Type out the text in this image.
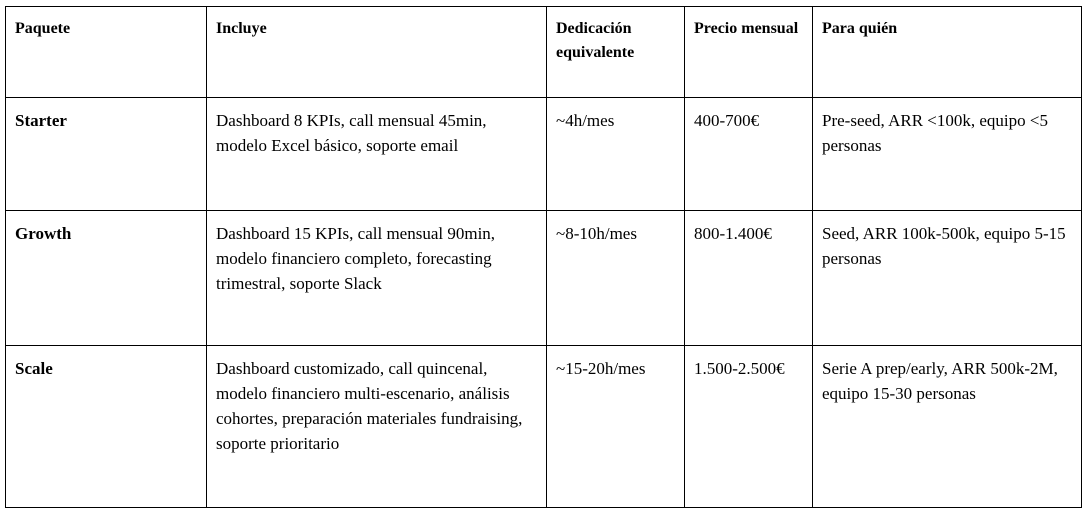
Paquete	Incluye	Dedicación equivalente	Precio mensual	Para quién
Starter	Dashboard 8 KPIs, call mensual 45min, modelo Excel básico, soporte email	~4h/mes	400-700€	Pre-seed, ARR <100k, equipo <5 personas
Growth	Dashboard 15 KPIs, call mensual 90min, modelo financiero completo, forecasting trimestral, soporte Slack	~8-10h/mes	800-1.400€	Seed, ARR 100k-500k, equipo 5-15 personas
Scale	Dashboard customizado, call quincenal, modelo financiero multi-escenario, análisis cohortes, preparación materiales fundraising, soporte prioritario	~15-20h/mes	1.500-2.500€	Serie A prep/early, ARR 500k-2M, equipo 15-30 personas
